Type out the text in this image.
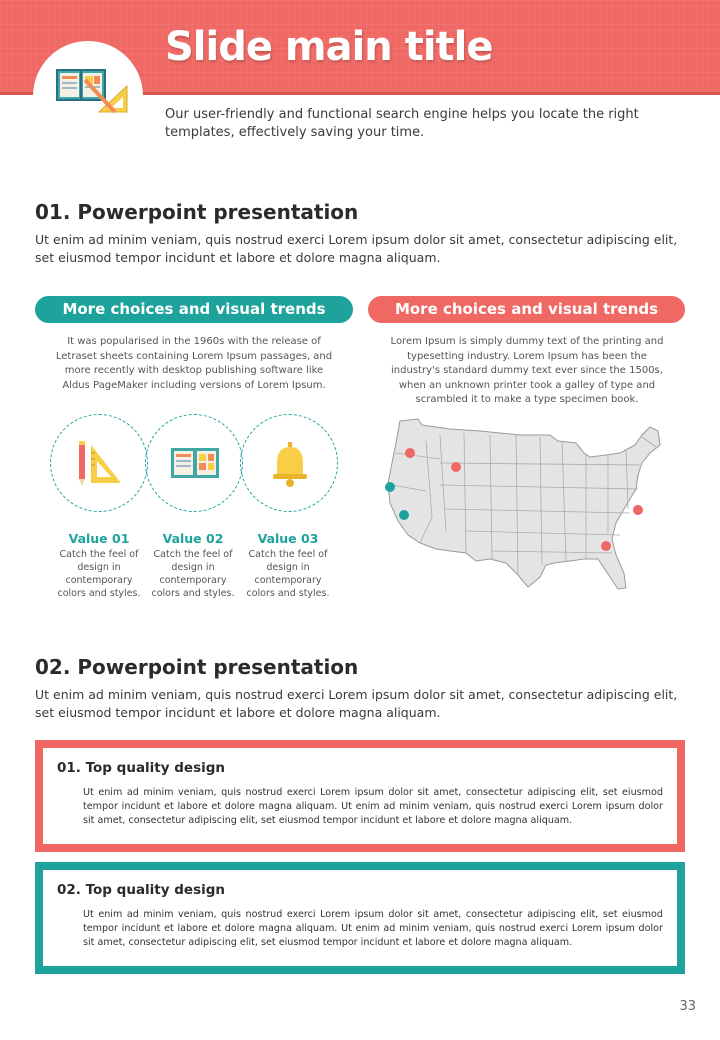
Slide main title
Our user-friendly and functional search engine helps you locate the right templates, effectively saving your time.
01. Powerpoint presentation
Ut enim ad minim veniam, quis nostrud exerci Lorem ipsum dolor sit amet, consectetur adipiscing elit, set eiusmod tempor incidunt et labore et dolore magna aliquam.
More choices and visual trends
It was popularised in the 1960s with the release of Letraset sheets containing Lorem Ipsum passages, and more recently with desktop publishing software like Aldus PageMaker including versions of Lorem Ipsum.
Value 01
Catch the feel of design in contemporary colors and styles.
Value 02
Catch the feel of design in contemporary colors and styles.
Value 03
Catch the feel of design in contemporary colors and styles.
More choices and visual trends
Lorem Ipsum is simply dummy text of the printing and typesetting industry. Lorem Ipsum has been the industry's standard dummy text ever since the 1500s, when an unknown printer took a galley of type and scrambled it to make a type specimen book.
02. Powerpoint presentation
Ut enim ad minim veniam, quis nostrud exerci Lorem ipsum dolor sit amet, consectetur adipiscing elit, set eiusmod tempor incidunt et labore et dolore magna aliquam.
01. Top quality design
Ut enim ad minim veniam, quis nostrud exerci Lorem ipsum dolor sit amet, consectetur adipiscing elit, set eiusmod tempor incidunt et labore et dolore magna aliquam. Ut enim ad minim veniam, quis nostrud exerci Lorem ipsum dolor sit amet, consectetur adipiscing elit, set eiusmod tempor incidunt et labore et dolore magna aliquam.
02. Top quality design
Ut enim ad minim veniam, quis nostrud exerci Lorem ipsum dolor sit amet, consectetur adipiscing elit, set eiusmod tempor incidunt et labore et dolore magna aliquam. Ut enim ad minim veniam, quis nostrud exerci Lorem ipsum dolor sit amet, consectetur adipiscing elit, set eiusmod tempor incidunt et labore et dolore magna aliquam.
33
